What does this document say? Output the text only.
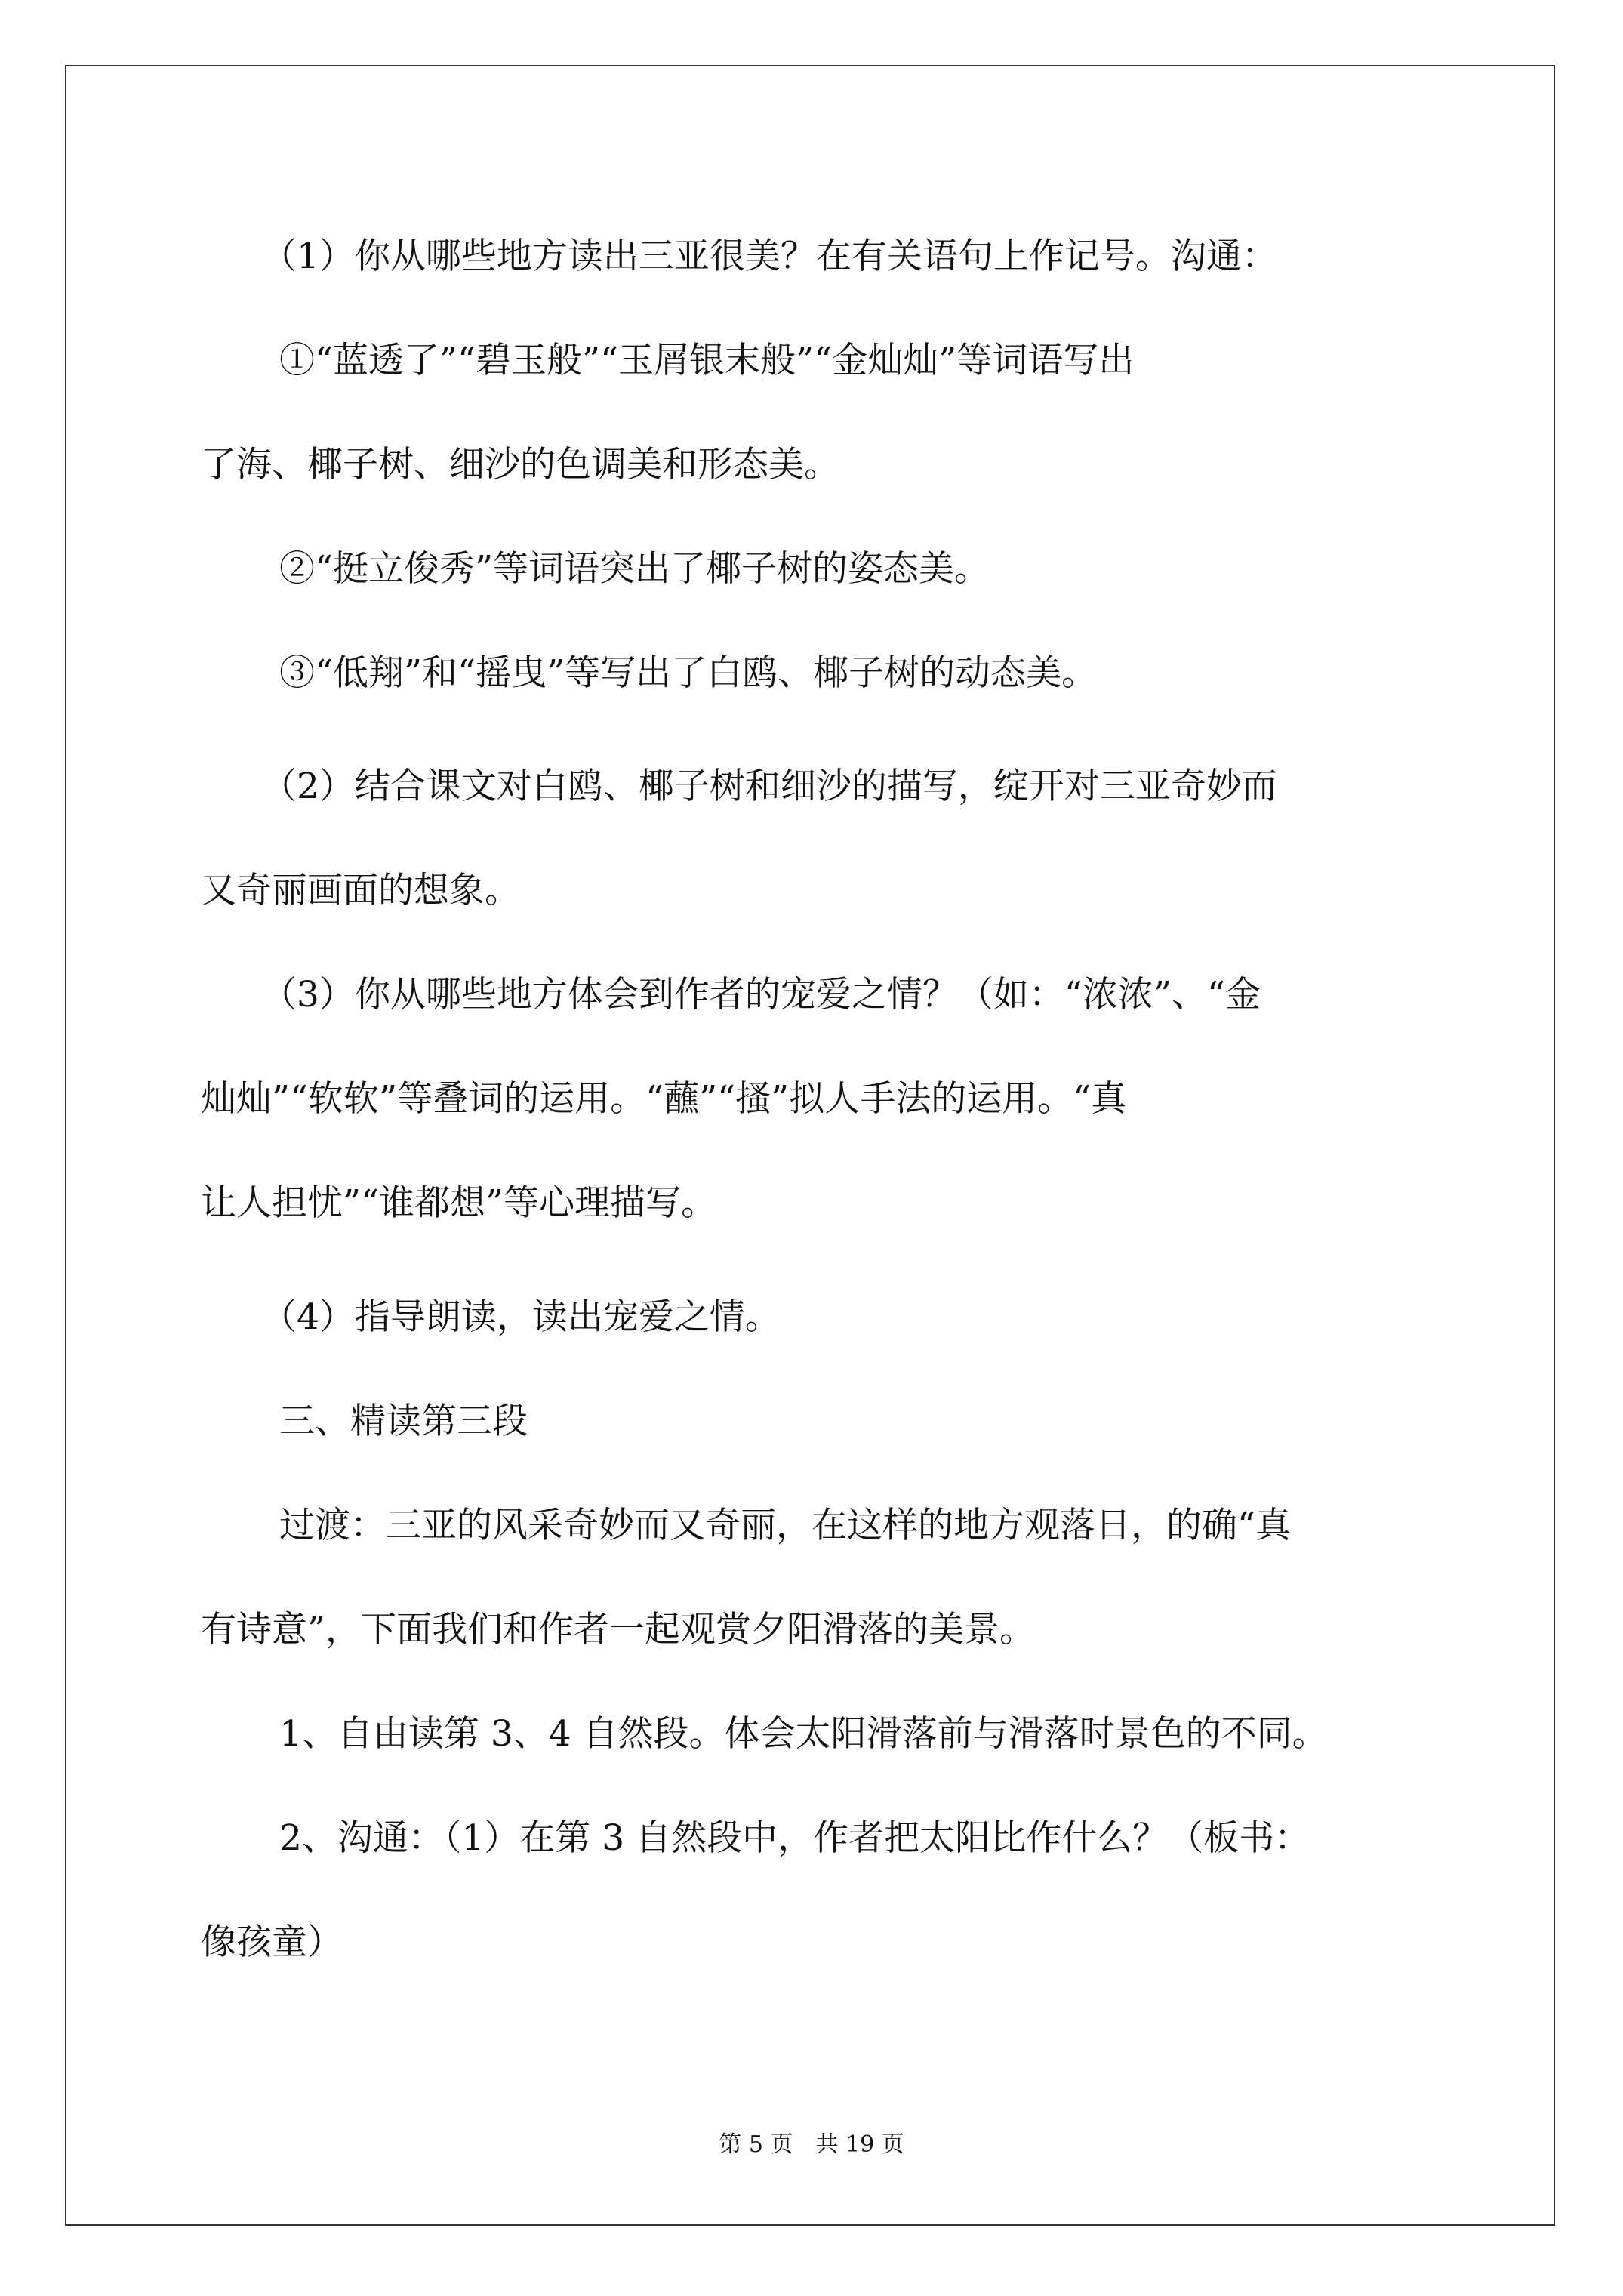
（1）你从哪些地方读出三亚很美？在有关语句上作记号。沟通：
①“蓝透了”“碧玉般”“玉屑银末般”“金灿灿”等词语写出
了海、椰子树、细沙的色调美和形态美。
②“挺立俊秀”等词语突出了椰子树的姿态美。
③“低翔”和“摇曳”等写出了白鸥、椰子树的动态美。
（2）结合课文对白鸥、椰子树和细沙的描写，绽开对三亚奇妙而
又奇丽画面的想象。
（3）你从哪些地方体会到作者的宠爱之情？（如：“浓浓”、“金
灿灿”“软软”等叠词的运用。“蘸”“搔”拟人手法的运用。“真
让人担忧”“谁都想”等心理描写。
（4）指导朗读，读出宠爱之情。
三、精读第三段
过渡：三亚的风采奇妙而又奇丽，在这样的地方观落日，的确“真
有诗意”，下面我们和作者一起观赏夕阳滑落的美景。
1、自由读第 3、4 自然段。体会太阳滑落前与滑落时景色的不同。
2、沟通：（1）在第 3 自然段中，作者把太阳比作什么？（板书：
像孩童）
第 5 页　共 19 页
